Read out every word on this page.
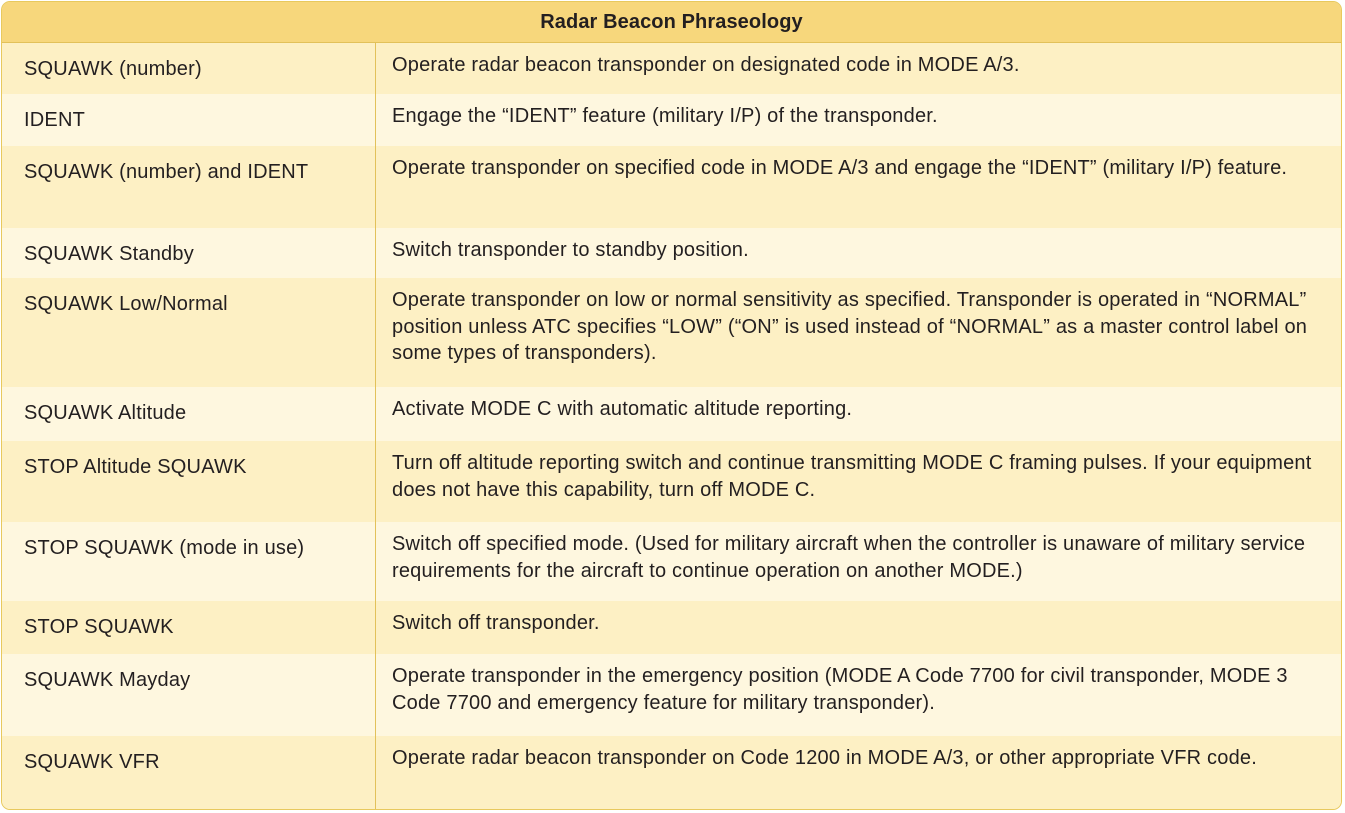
Radar Beacon Phraseology
SQUAWK (number)	Operate radar beacon transponder on designated code in MODE A/3.
IDENT	Engage the “IDENT” feature (military I/P) of the transponder.
SQUAWK (number) and IDENT	Operate transponder on specified code in MODE A/3 and engage the “IDENT” (military I/P) feature.
SQUAWK Standby	Switch transponder to standby position.
SQUAWK Low/Normal	Operate transponder on low or normal sensitivity as specified. Transponder is operated in “NORMAL” position unless ATC specifies “LOW” (“ON” is used instead of “NORMAL” as a master control label on some types of transponders).
SQUAWK Altitude	Activate MODE C with automatic altitude reporting.
STOP Altitude SQUAWK	Turn off altitude reporting switch and continue transmitting MODE C framing pulses. If your equipment does not have this capability, turn off MODE C.
STOP SQUAWK (mode in use)	Switch off specified mode. (Used for military aircraft when the controller is unaware of military service requirements for the aircraft to continue operation on another MODE.)
STOP SQUAWK	Switch off transponder.
SQUAWK Mayday	Operate transponder in the emergency position (MODE A Code 7700 for civil transponder, MODE 3 Code 7700 and emergency feature for military transponder).
SQUAWK VFR	Operate radar beacon transponder on Code 1200 in MODE A/3, or other appropriate VFR code.
